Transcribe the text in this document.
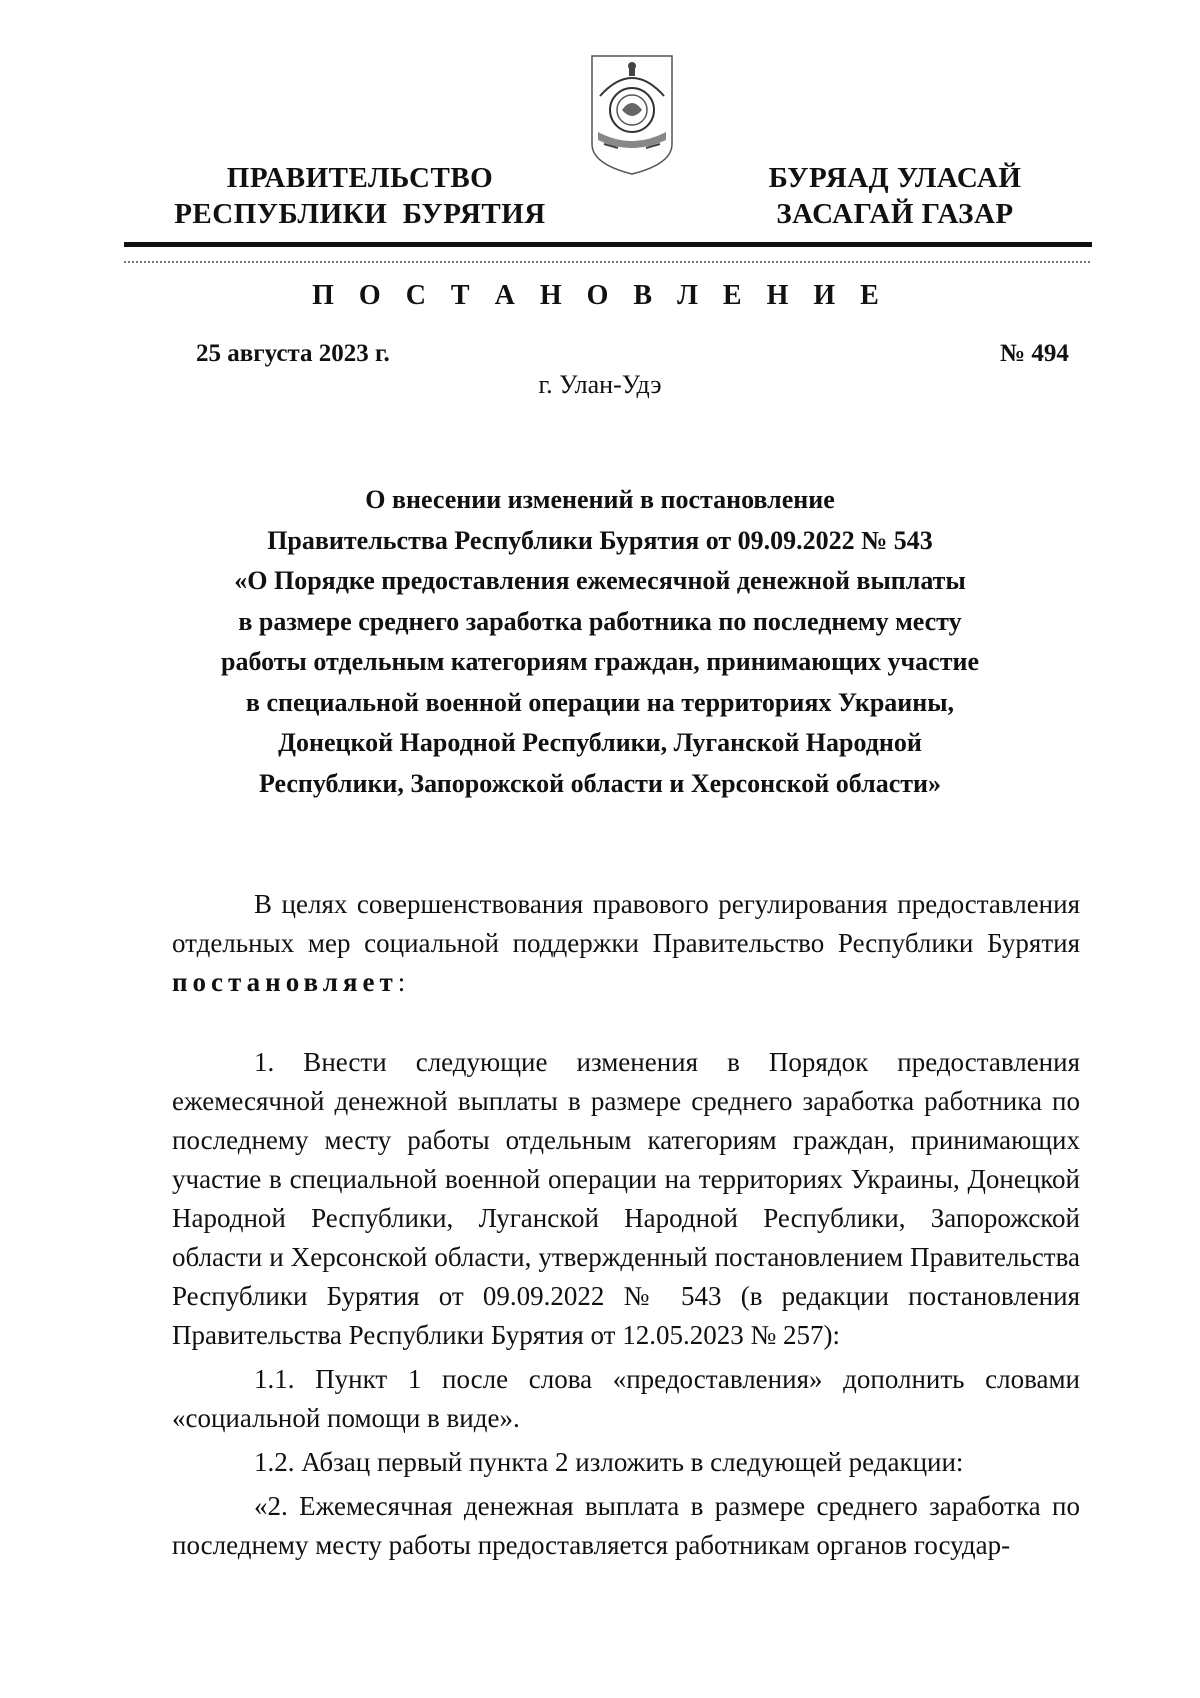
ПРАВИТЕЛЬСТВО
РЕСПУБЛИКИ  БУРЯТИЯ
БУРЯАД УЛАСАЙ
ЗАСАГАЙ ГАЗАР
П О С Т А Н О В Л Е Н И Е
25 августа 2023 г.	№ 494
г. Улан-Удэ
О внесении изменений в постановление
Правительства Республики Бурятия от 09.09.2022 № 543
«О Порядке предоставления ежемесячной денежной выплаты
в размере среднего заработка работника по последнему месту
работы отдельным категориям граждан, принимающих участие
в специальной военной операции на территориях Украины,
Донецкой Народной Республики, Луганской Народной
Республики, Запорожской области и Херсонской области»

В целях совершенствования правового регулирования предоставления отдельных мер социальной поддержки Правительство Республики Бурятия постановляет:

1. Внести следующие изменения в Порядок предоставления ежемесячной денежной выплаты в размере среднего заработка работника по последнему месту работы отдельным категориям граждан, принимающих участие в специальной военной операции на территориях Украины, Донецкой Народной Республики, Луганской Народной Республики, Запорожской области и Херсонской области, утвержденный постановлением Правительства Республики Бурятия от 09.09.2022 № 543 (в редакции постановления Правительства Республики Бурятия от 12.05.2023 № 257):

1.1. Пункт 1 после слова «предоставления» дополнить словами «социальной помощи в виде».

1.2. Абзац первый пункта 2 изложить в следующей редакции:

«2. Ежемесячная денежная выплата в размере среднего заработка по последнему месту работы предоставляется работникам органов государ-
